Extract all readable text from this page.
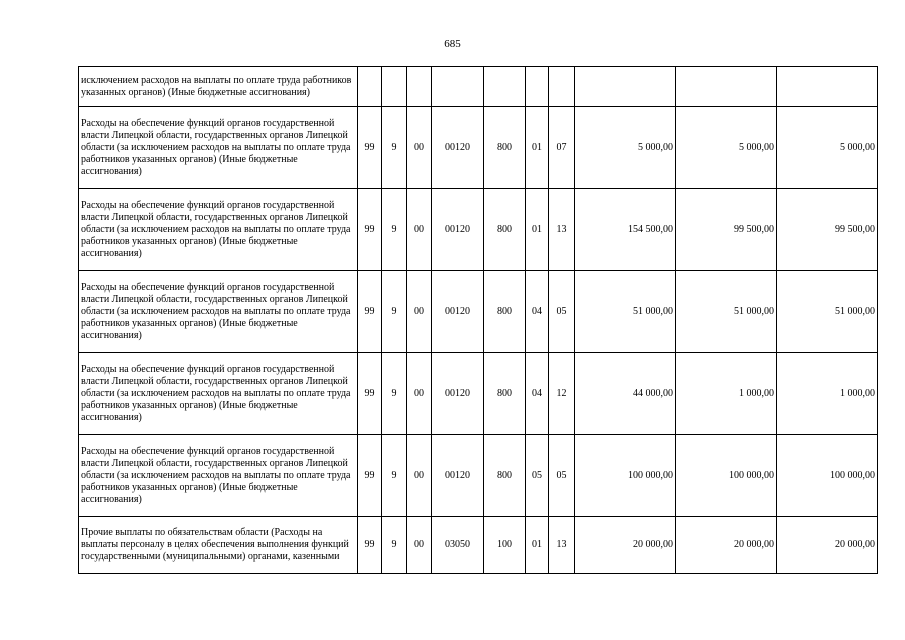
685
исключением расходов на выплаты по оплате труда работников указанных органов) (Иные бюджетные ассигнования)										
Расходы на обеспечение функций органов государственной власти Липецкой области, государственных органов Липецкой области (за исключением расходов на выплаты по оплате труда работников указанных органов) (Иные бюджетные ассигнования)	99	9	00	00120	800	01	07	5 000,00	5 000,00	5 000,00
Расходы на обеспечение функций органов государственной власти Липецкой области, государственных органов Липецкой области (за исключением расходов на выплаты по оплате труда работников указанных органов) (Иные бюджетные ассигнования)	99	9	00	00120	800	01	13	154 500,00	99 500,00	99 500,00
Расходы на обеспечение функций органов государственной власти Липецкой области, государственных органов Липецкой области (за исключением расходов на выплаты по оплате труда работников указанных органов) (Иные бюджетные ассигнования)	99	9	00	00120	800	04	05	51 000,00	51 000,00	51 000,00
Расходы на обеспечение функций органов государственной власти Липецкой области, государственных органов Липецкой области (за исключением расходов на выплаты по оплате труда работников указанных органов) (Иные бюджетные ассигнования)	99	9	00	00120	800	04	12	44 000,00	1 000,00	1 000,00
Расходы на обеспечение функций органов государственной власти Липецкой области, государственных органов Липецкой области (за исключением расходов на выплаты по оплате труда работников указанных органов) (Иные бюджетные ассигнования)	99	9	00	00120	800	05	05	100 000,00	100 000,00	100 000,00
Прочие выплаты по обязательствам области (Расходы на выплаты персоналу в целях обеспечения выполнения функций государственными (муниципальными) органами, казенными	99	9	00	03050	100	01	13	20 000,00	20 000,00	20 000,00
